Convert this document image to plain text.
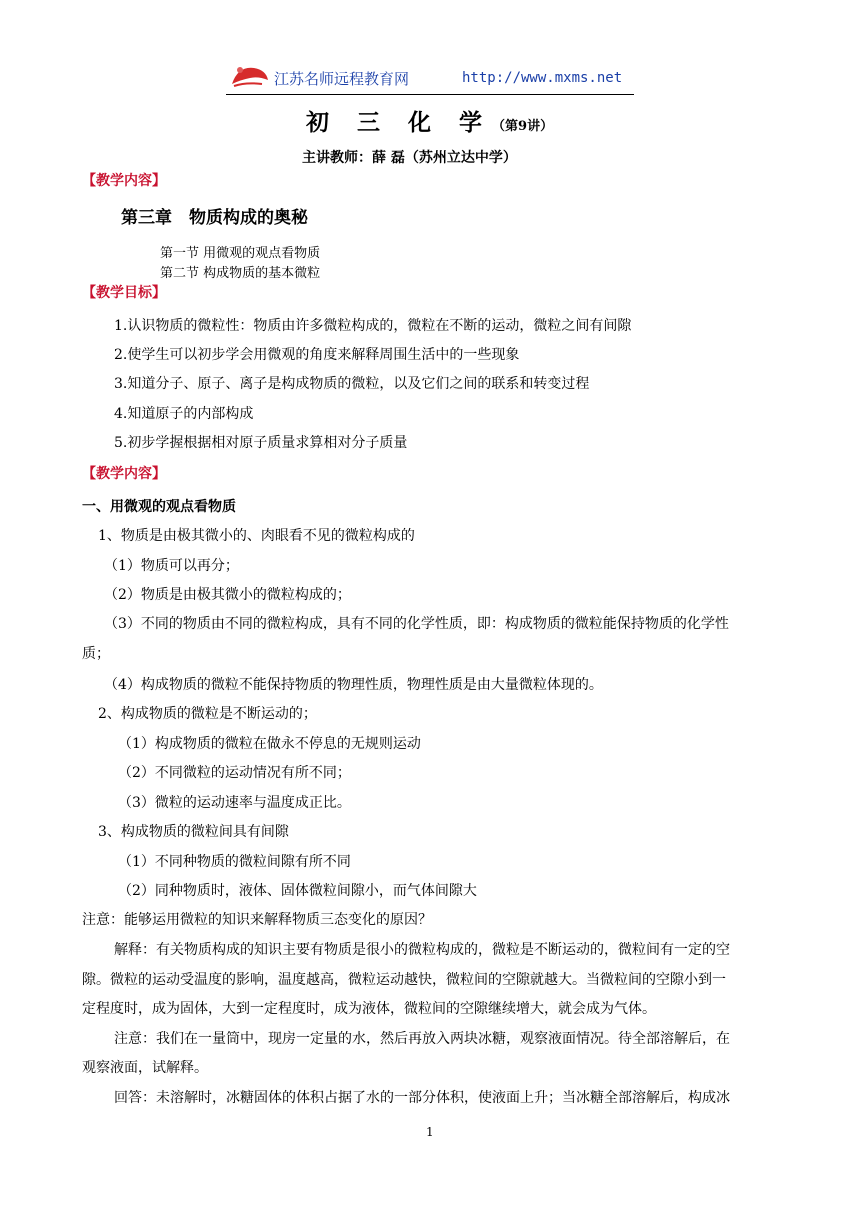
江苏名师远程教育网	http://www.mxms.net
初 三 化 学（第9讲）
主讲教师：薛 磊（苏州立达中学）
【教学内容】
第三章　物质构成的奥秘
第一节 用微观的观点看物质
第二节 构成物质的基本微粒
【教学目标】
1.认识物质的微粒性：物质由许多微粒构成的，微粒在不断的运动，微粒之间有间隙
2.使学生可以初步学会用微观的角度来解释周围生活中的一些现象
3.知道分子、原子、离子是构成物质的微粒，以及它们之间的联系和转变过程
4.知道原子的内部构成
5.初步学握根据相对原子质量求算相对分子质量
【教学内容】
一、用微观的观点看物质
1、物质是由极其微小的、肉眼看不见的微粒构成的
（1）物质可以再分；
（2）物质是由极其微小的微粒构成的；
（3）不同的物质由不同的微粒构成，具有不同的化学性质，即：构成物质的微粒能保持物质的化学性
质；
（4）构成物质的微粒不能保持物质的物理性质，物理性质是由大量微粒体现的。
2、构成物质的微粒是不断运动的；
（1）构成物质的微粒在做永不停息的无规则运动
（2）不同微粒的运动情况有所不同；
（3）微粒的运动速率与温度成正比。
3、构成物质的微粒间具有间隙
（1）不同种物质的微粒间隙有所不同
（2）同种物质时，液体、固体微粒间隙小，而气体间隙大
注意：能够运用微粒的知识来解释物质三态变化的原因？
解释：有关物质构成的知识主要有物质是很小的微粒构成的，微粒是不断运动的，微粒间有一定的空
隙。微粒的运动受温度的影响，温度越高，微粒运动越快，微粒间的空隙就越大。当微粒间的空隙小到一
定程度时，成为固体，大到一定程度时，成为液体，微粒间的空隙继续增大，就会成为气体。
注意：我们在一量筒中，现房一定量的水，然后再放入两块冰糖，观察液面情况。待全部溶解后，在
观察液面，试解释。
回答：未溶解时，冰糖固体的体积占据了水的一部分体积，使液面上升；当冰糖全部溶解后，构成冰
1
